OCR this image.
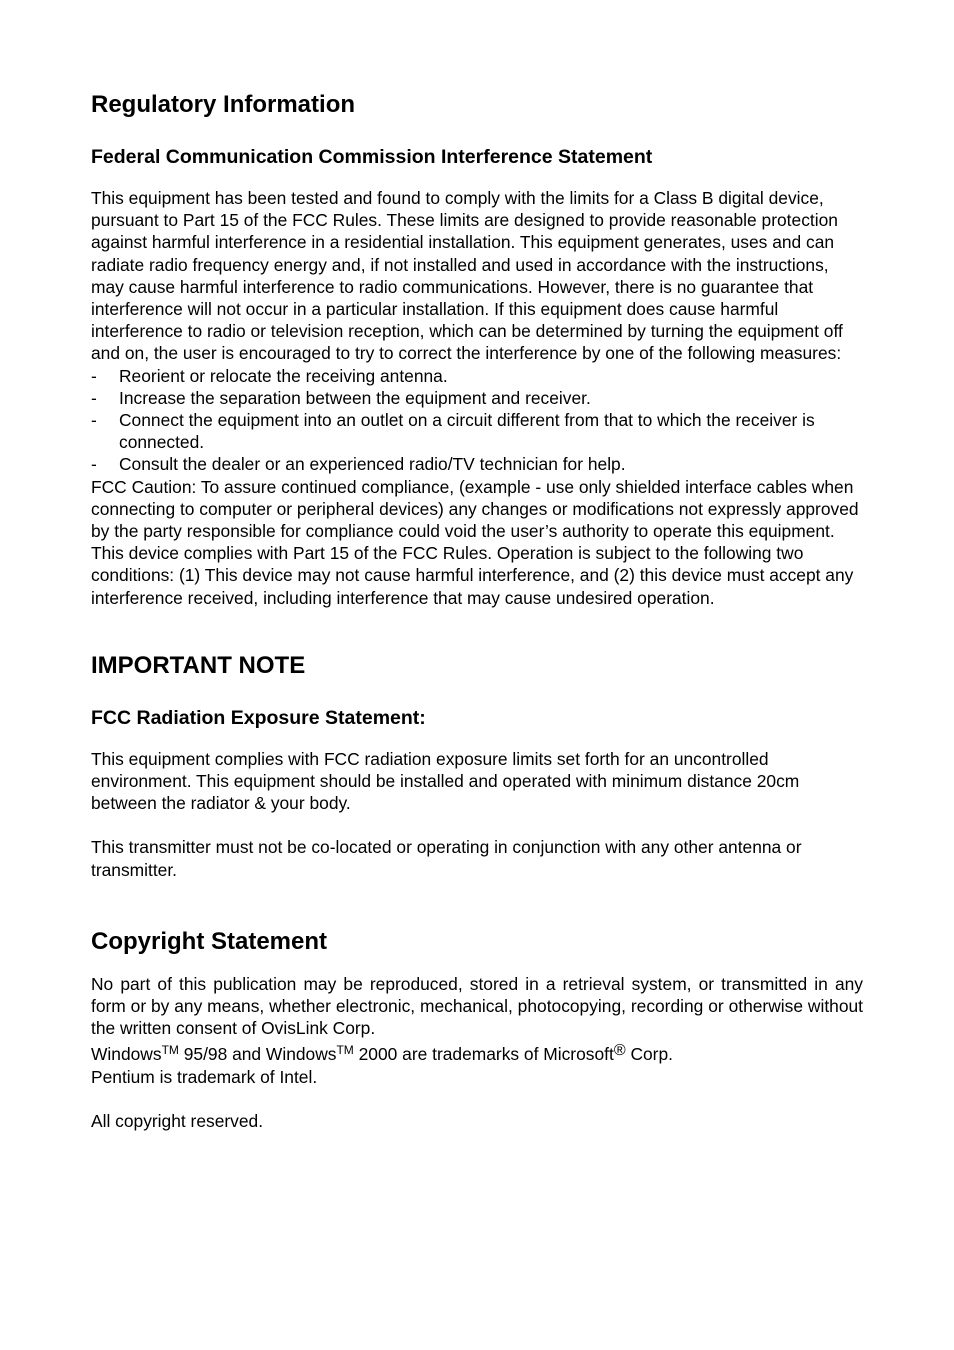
Regulatory Information
Federal Communication Commission Interference Statement

This equipment has been tested and found to comply with the limits for a Class B digital device, pursuant to Part 15 of the FCC Rules. These limits are designed to provide reasonable protection against harmful interference in a residential installation. This equipment generates, uses and can radiate radio frequency energy and, if not installed and used in accordance with the instructions, may cause harmful interference to radio communications. However, there is no guarantee that interference will not occur in a particular installation. If this equipment does cause harmful interference to radio or television reception, which can be determined by turning the equipment off and on, the user is encouraged to try to correct the interference by one of the following measures:

- Reorient or relocate the receiving antenna.
- Increase the separation between the equipment and receiver.
- Connect the equipment into an outlet on a circuit different from that to which the receiver is connected.
- Consult the dealer or an experienced radio/TV technician for help.

FCC Caution: To assure continued compliance, (example - use only shielded interface cables when connecting to computer or peripheral devices) any changes or modifications not expressly approved by the party responsible for compliance could void the user’s authority to operate this equipment. This device complies with Part 15 of the FCC Rules. Operation is subject to the following two conditions: (1) This device may not cause harmful interference, and (2) this device must accept any interference received, including interference that may cause undesired operation.

IMPORTANT NOTE
FCC Radiation Exposure Statement:

This equipment complies with FCC radiation exposure limits set forth for an uncontrolled environment. This equipment should be installed and operated with minimum distance 20cm between the radiator & your body.

This transmitter must not be co-located or operating in conjunction with any other antenna or transmitter.

Copyright Statement

No part of this publication may be reproduced, stored in a retrieval system, or transmitted in any form or by any means, whether electronic, mechanical, photocopying, recording or otherwise without the written consent of OvisLink Corp.

Windows™ 95/98 and Windows™ 2000 are trademarks of Microsoft® Corp.

Pentium is trademark of Intel.

All copyright reserved.
